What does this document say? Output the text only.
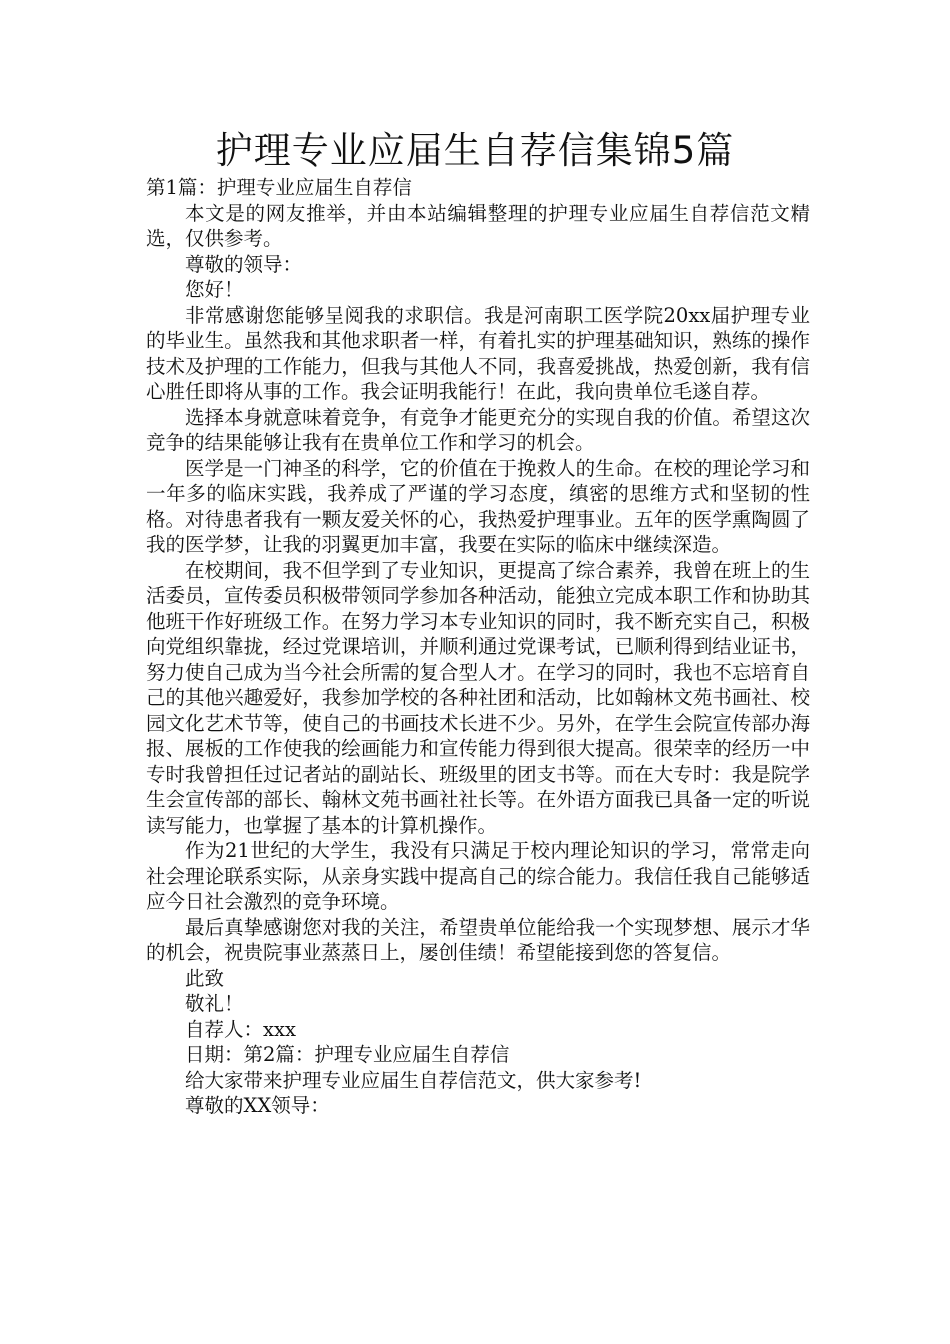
护理专业应届生自荐信集锦5篇

第1篇：护理专业应届生自荐信

本文是的网友推举，并由本站编辑整理的护理专业应届生自荐信范文精选，仅供参考。

尊敬的领导：

您好！

非常感谢您能够呈阅我的求职信。我是河南职工医学院20xx届护理专业的毕业生。虽然我和其他求职者一样，有着扎实的护理基础知识，熟练的操作技术及护理的工作能力，但我与其他人不同，我喜爱挑战，热爱创新，我有信心胜任即将从事的工作。我会证明我能行！在此，我向贵单位毛遂自荐。

选择本身就意味着竞争，有竞争才能更充分的实现自我的价值。希望这次竞争的结果能够让我有在贵单位工作和学习的机会。

医学是一门神圣的科学，它的价值在于挽救人的生命。在校的理论学习和一年多的临床实践，我养成了严谨的学习态度，缜密的思维方式和坚韧的性格。对待患者我有一颗友爱关怀的心，我热爱护理事业。五年的医学熏陶圆了我的医学梦，让我的羽翼更加丰富，我要在实际的临床中继续深造。

在校期间，我不但学到了专业知识，更提高了综合素养，我曾在班上的生活委员，宣传委员积极带领同学参加各种活动，能独立完成本职工作和协助其他班干作好班级工作。在努力学习本专业知识的同时，我不断充实自己，积极向党组织靠拢，经过党课培训，并顺利通过党课考试，已顺利得到结业证书，努力使自己成为当今社会所需的复合型人才。在学习的同时，我也不忘培育自己的其他兴趣爱好，我参加学校的各种社团和活动，比如翰林文苑书画社、校园文化艺术节等，使自己的书画技术长进不少。另外，在学生会院宣传部办海报、展板的工作使我的绘画能力和宣传能力得到很大提高。很荣幸的经历一中专时我曾担任过记者站的副站长、班级里的团支书等。而在大专时：我是院学生会宣传部的部长、翰林文苑书画社社长等。在外语方面我已具备一定的听说读写能力，也掌握了基本的计算机操作。

作为21世纪的大学生，我没有只满足于校内理论知识的学习，常常走向社会理论联系实际，从亲身实践中提高自己的综合能力。我信任我自己能够适应今日社会激烈的竞争环境。

最后真挚感谢您对我的关注，希望贵单位能给我一个实现梦想、展示才华的机会，祝贵院事业蒸蒸日上，屡创佳绩！希望能接到您的答复信。

此致

敬礼！

自荐人：xxx

日期：第2篇：护理专业应届生自荐信

给大家带来护理专业应届生自荐信范文，供大家参考!

尊敬的XX领导：
